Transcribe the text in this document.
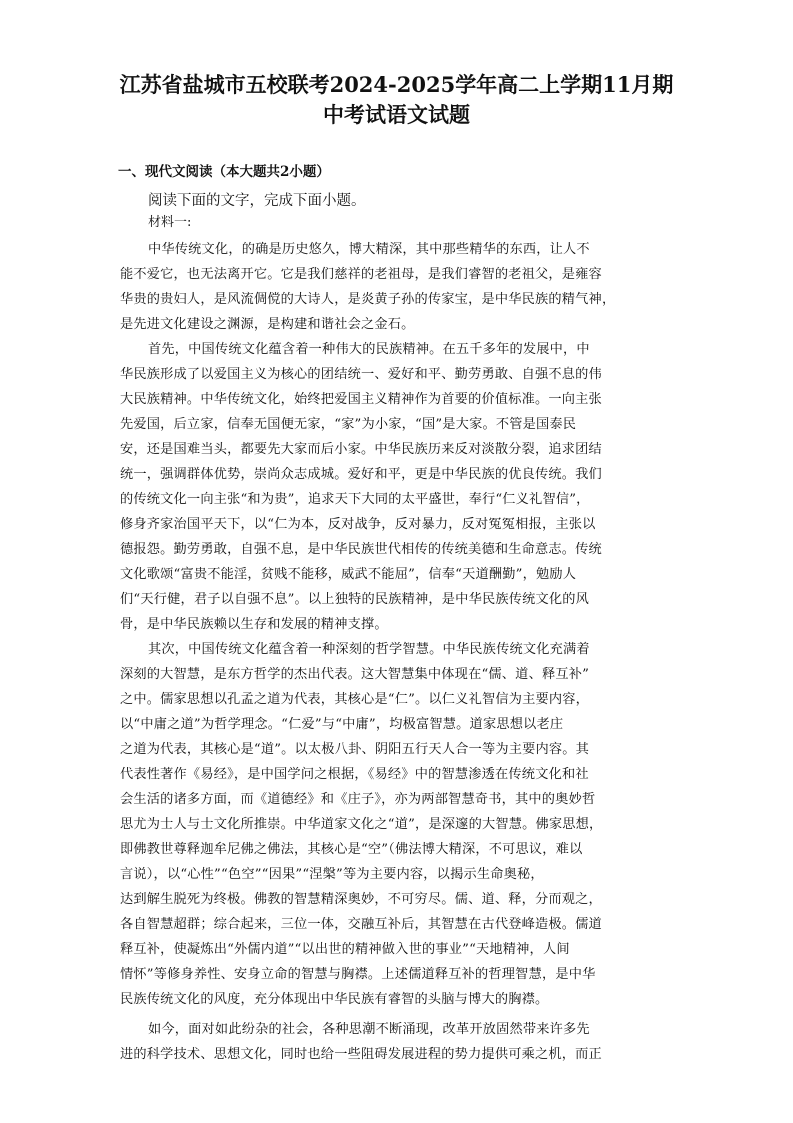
江苏省盐城市五校联考2024-2025学年高二上学期11月期
中考试语文试题
一、现代文阅读（本大题共2小题）
阅读下面的文字，完成下面小题。
材料一:
中华传统文化，的确是历史悠久，博大精深，其中那些精华的东西，让人不
能不爱它，也无法离开它。它是我们慈祥的老祖母，是我们睿智的老祖父，是雍容
华贵的贵妇人，是风流倜傥的大诗人，是炎黄子孙的传家宝，是中华民族的精气神，
是先进文化建设之渊源，是构建和谐社会之金石。
首先，中国传统文化蕴含着一种伟大的民族精神。在五千多年的发展中，中
华民族形成了以爱国主义为核心的团结统一、爱好和平、勤劳勇敢、自强不息的伟
大民族精神。中华传统文化，始终把爱国主义精神作为首要的价值标准。一向主张
先爱国，后立家，信奉无国便无家，“家”为小家，“国”是大家。不管是国泰民
安，还是国难当头，都要先大家而后小家。中华民族历来反对淡散分裂，追求团结
统一，强调群体优势，崇尚众志成城。爱好和平，更是中华民族的优良传统。我们
的传统文化一向主张“和为贵”，追求天下大同的太平盛世，奉行“仁义礼智信”，
修身齐家治国平天下，以“仁为本，反对战争，反对暴力，反对冤冤相报，主张以
德报怨。勤劳勇敢，自强不息，是中华民族世代相传的传统美德和生命意志。传统
文化歌颂“富贵不能淫，贫贱不能移，威武不能屈”，信奉“天道酬勤”，勉励人
们“天行健，君子以自强不息”。以上独特的民族精神，是中华民族传统文化的风
骨，是中华民族赖以生存和发展的精神支撑。
其次，中国传统文化蕴含着一种深刻的哲学智慧。中华民族传统文化充满着
深刻的大智慧，是东方哲学的杰出代表。这大智慧集中体现在“儒、道、释互补”
之中。儒家思想以孔孟之道为代表，其核心是“仁”。以仁义礼智信为主要内容，
以“中庸之道”为哲学理念。“仁爱”与“中庸”，均极富智慧。道家思想以老庄
之道为代表，其核心是“道”。以太极八卦、阴阳五行天人合一等为主要内容。其
代表性著作《易经》，是中国学问之根据，《易经》中的智慧渗透在传统文化和社
会生活的诸多方面，而《道德经》和《庄子》，亦为两部智慧奇书，其中的奥妙哲
思尤为士人与士文化所推崇。中华道家文化之“道”，是深邃的大智慧。佛家思想，
即佛教世尊释迦牟尼佛之佛法，其核心是“空”（佛法博大精深，不可思议，难以
言说），以“心性”“色空”“因果”“涅槃”等为主要内容，以揭示生命奥秘，
达到解生脱死为终极。佛教的智慧精深奥妙，不可穷尽。儒、道、释，分而观之，
各自智慧超群；综合起来，三位一体，交融互补后，其智慧在古代登峰造极。儒道
释互补，使凝炼出“外儒内道”“以出世的精神做入世的事业”“天地精神，人间
情怀”等修身养性、安身立命的智慧与胸襟。上述儒道释互补的哲理智慧，是中华
民族传统文化的风度，充分体现出中华民族有睿智的头脑与博大的胸襟。
如今，面对如此纷杂的社会，各种思潮不断涌现，改革开放固然带来许多先
进的科学技术、思想文化，同时也给一些阻碍发展进程的势力提供可乘之机，而正
